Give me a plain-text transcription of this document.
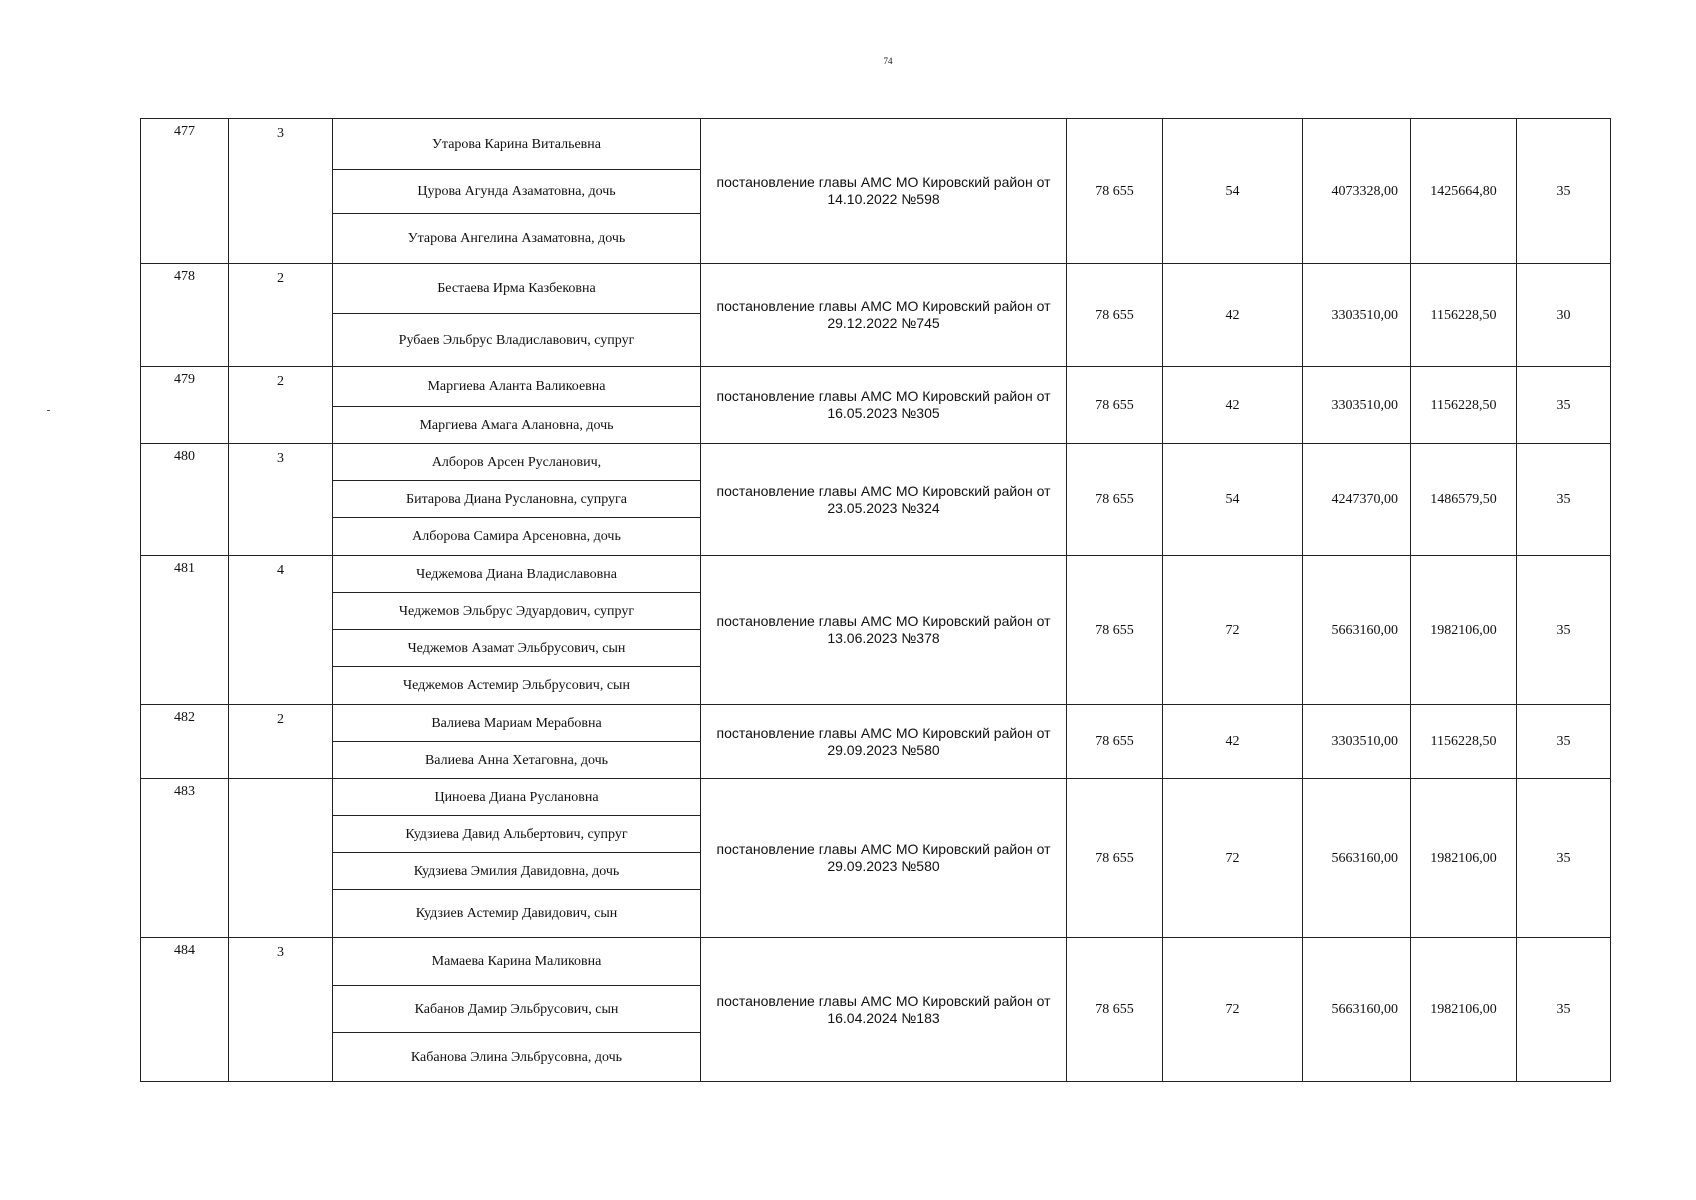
74
477	3	Утарова Карина Витальевна	постановление главы АМС МО Кировский район от 14.10.2022 №598	78 655	54	4073328,00	1425664,80	35
		Цурова Агунда Азаматовна, дочь						
		Утарова Ангелина Азаматовна, дочь						
478	2	Бестаева Ирма Казбековна	постановление главы АМС МО Кировский район от 29.12.2022 №745	78 655	42	3303510,00	1156228,50	30
		Рубаев Эльбрус Владиславович, супруг						
479	2	Маргиева Аланта Валикоевна	постановление главы АМС МО Кировский район от 16.05.2023 №305	78 655	42	3303510,00	1156228,50	35
		Маргиева Амага Алановна, дочь						
480	3	Алборов Арсен Русланович,	постановление главы АМС МО Кировский район от 23.05.2023 №324	78 655	54	4247370,00	1486579,50	35
		Битарова Диана Руслановна, супруга						
		Алборова Самира Арсеновна, дочь						
481	4	Чеджемова Диана Владиславовна	постановление главы АМС МО Кировский район от 13.06.2023 №378	78 655	72	5663160,00	1982106,00	35
		Чеджемов Эльбрус Эдуардович, супруг						
		Чеджемов Азамат Эльбрусович, сын						
		Чеджемов Астемир Эльбрусович, сын						
482	2	Валиева Мариам Мерабовна	постановление главы АМС МО Кировский район от 29.09.2023 №580	78 655	42	3303510,00	1156228,50	35
		Валиева Анна Хетаговна, дочь						
483		Циноева Диана Руслановна	постановление главы АМС МО Кировский район от 29.09.2023 №580	78 655	72	5663160,00	1982106,00	35
		Кудзиева Давид Альбертович, супруг						
		Кудзиева Эмилия Давидовна, дочь						
		Кудзиев Астемир Давидович, сын						
484	3	Мамаева Карина Маликовна	постановление главы АМС МО Кировский район от 16.04.2024 №183	78 655	72	5663160,00	1982106,00	35
		Кабанов Дамир Эльбрусович, сын						
		Кабанова Элина Эльбрусовна, дочь						
